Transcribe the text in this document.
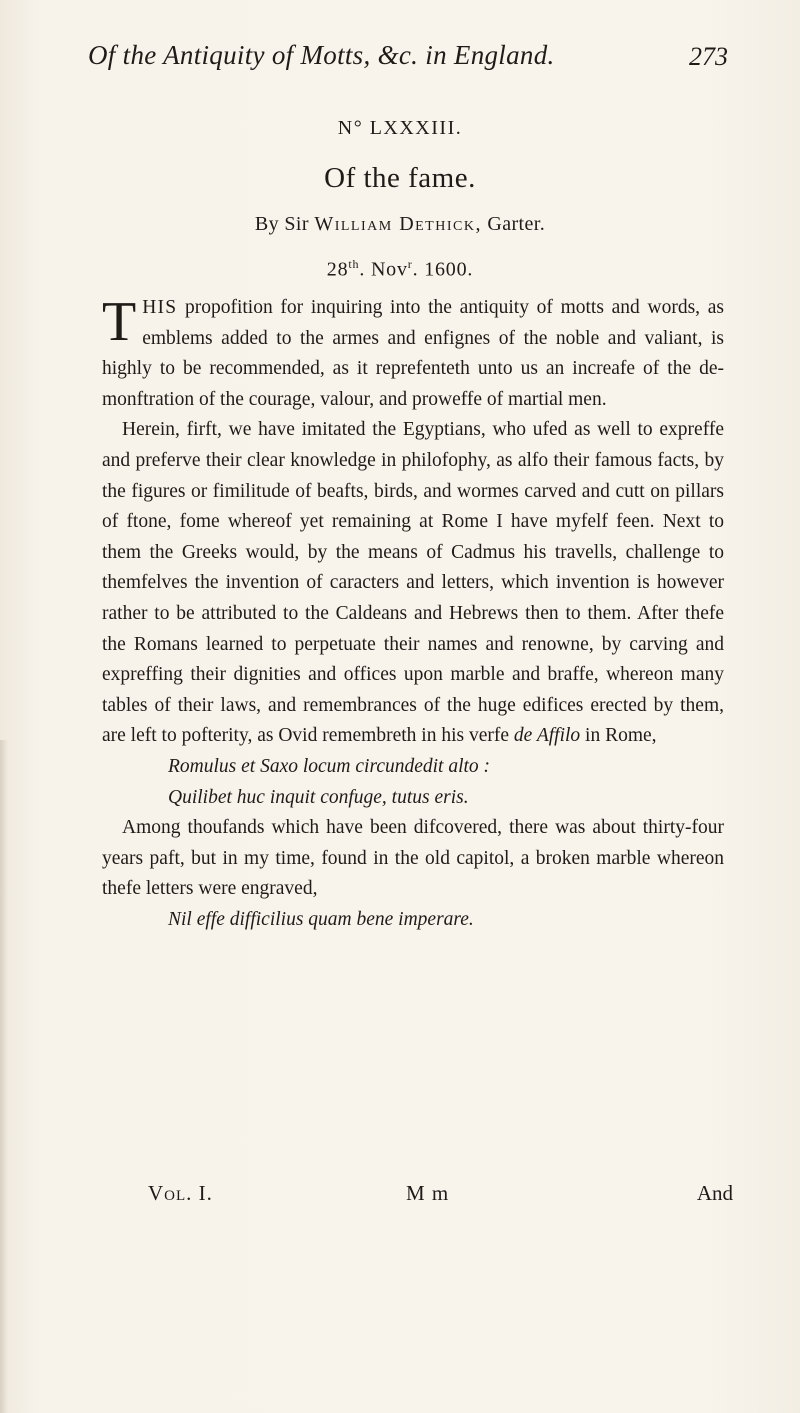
Of the Antiquity of Motts, &c. in England.	273
N° LXXXIII.
Of the fame.
By Sir William Dethick, Garter.
28th. Nov$^r$. 1600.

THIS propofition for inquiring into the antiquity of motts and words, as emblems added to the armes and enfignes of the noble and valiant, is highly to be recommended, as it reprefenteth unto us an increafe of the demonftration of the courage, valour, and proweffe of martial men.

Herein, firft, we have imitated the Egyptians, who ufed as well to expreffe and preferve their clear knowledge in philofophy, as alfo their famous facts, by the figures or fimilitude of beafts, birds, and wormes carved and cutt on pillars of ftone, fome whereof yet remaining at Rome I have myfelf feen. Next to them the Greeks would, by the means of Cadmus his travells, challenge to themfelves the invention of caracters and letters, which invention is however rather to be attributed to the Caldeans and Hebrews then to them. After thefe the Romans learned to perpetuate their names and renowne, by carving and expreffing their dignities and offices upon marble and braffe, whereon many tables of their laws, and remembrances of the huge edifices erected by them, are left to pofterity, as Ovid remembreth in his verfe de Affilo in Rome,

Romulus et Saxo locum circundedit alto :

Quilibet huc inquit confuge, tutus eris.

Among thoufands which have been difcovered, there was about thirty-four years paft, but in my time, found in the old capitol, a broken marble whereon thefe letters were engraved,

Nil effe difficilius quam bene imperare.

Vol. I.	M m	And
